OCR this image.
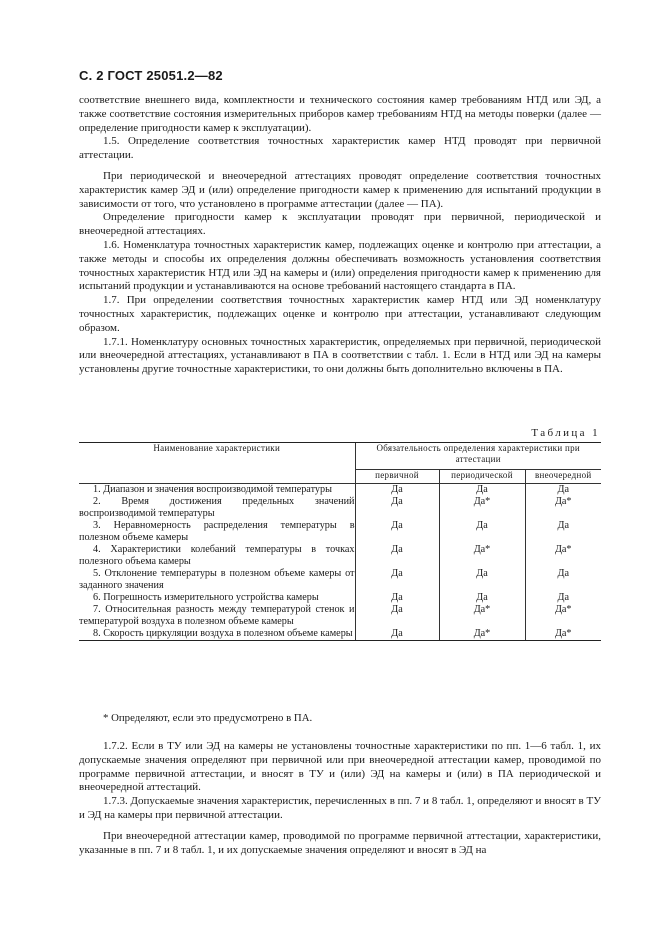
С. 2 ГОСТ 25051.2—82

соответствие внешнего вида, комплектности и технического состояния камер требованиям НТД или ЭД, а также соответствие состояния измерительных приборов камер требованиям НТД на методы поверки (далее — определение пригодности камер к эксплуатации).

1.5. Определение соответствия точностных характеристик камер НТД проводят при первичной аттестации.

При периодической и внеочередной аттестациях проводят определение соответствия точностных характеристик камер ЭД и (или) определение пригодности камер к применению для испытаний продукции в зависимости от того, что установлено в программе аттестации (далее — ПА).

Определение пригодности камер к эксплуатации проводят при первичной, периодической и внеочередной аттестациях.

1.6. Номенклатура точностных характеристик камер, подлежащих оценке и контролю при аттестации, а также методы и способы их определения должны обеспечивать возможность установления соответствия точностных характеристик НТД или ЭД на камеры и (или) определения пригодности камер к применению для испытаний продукции и устанавливаются на основе требований настоящего стандарта в ПА.

1.7. При определении соответствия точностных характеристик камер НТД или ЭД номенклатуру точностных характеристик, подлежащих оценке и контролю при аттестации, устанавливают следующим образом.

1.7.1. Номенклатуру основных точностных характеристик, определяемых при первичной, периодической или внеочередной аттестациях, устанавливают в ПА в соответствии с табл. 1. Если в НТД или ЭД на камеры установлены другие точностные характеристики, то они должны быть дополнительно включены в ПА.

Таблица 1
Наименование характеристики	Обязательность определения характеристики при аттестации		
	первичной	периодической	внеочередной
1. Диапазон и значения воспроизводимой температуры	Да	Да	Да
2. Время достижения предельных значений воспроизводимой температуры	Да	Да*	Да*
3. Неравномерность распределения температуры в полезном объеме камеры	Да	Да	Да
4. Характеристики колебаний температуры в точках полезного объема камеры	Да	Да*	Да*
5. Отклонение температуры в полезном объеме камеры от заданного значения	Да	Да	Да
6. Погрешность измерительного устройства камеры	Да	Да	Да
7. Относительная разность между температурой стенок и температурой воздуха в полезном объеме камеры	Да	Да*	Да*
8. Скорость циркуляции воздуха в полезном объеме камеры	Да	Да*	Да*
* Определяют, если это предусмотрено в ПА.

1.7.2. Если в ТУ или ЭД на камеры не установлены точностные характеристики по пп. 1—6 табл. 1, их допускаемые значения определяют при первичной или при внеочередной аттестации камер, проводимой по программе первичной аттестации, и вносят в ТУ и (или) ЭД на камеры и (или) в ПА периодической и внеочередной аттестаций.

1.7.3. Допускаемые значения характеристик, перечисленных в пп. 7 и 8 табл. 1, определяют и вносят в ТУ и ЭД на камеры при первичной аттестации.

При внеочередной аттестации камер, проводимой по программе первичной аттестации, характеристики, указанные в пп. 7 и 8 табл. 1, и их допускаемые значения определяют и вносят в ЭД на
